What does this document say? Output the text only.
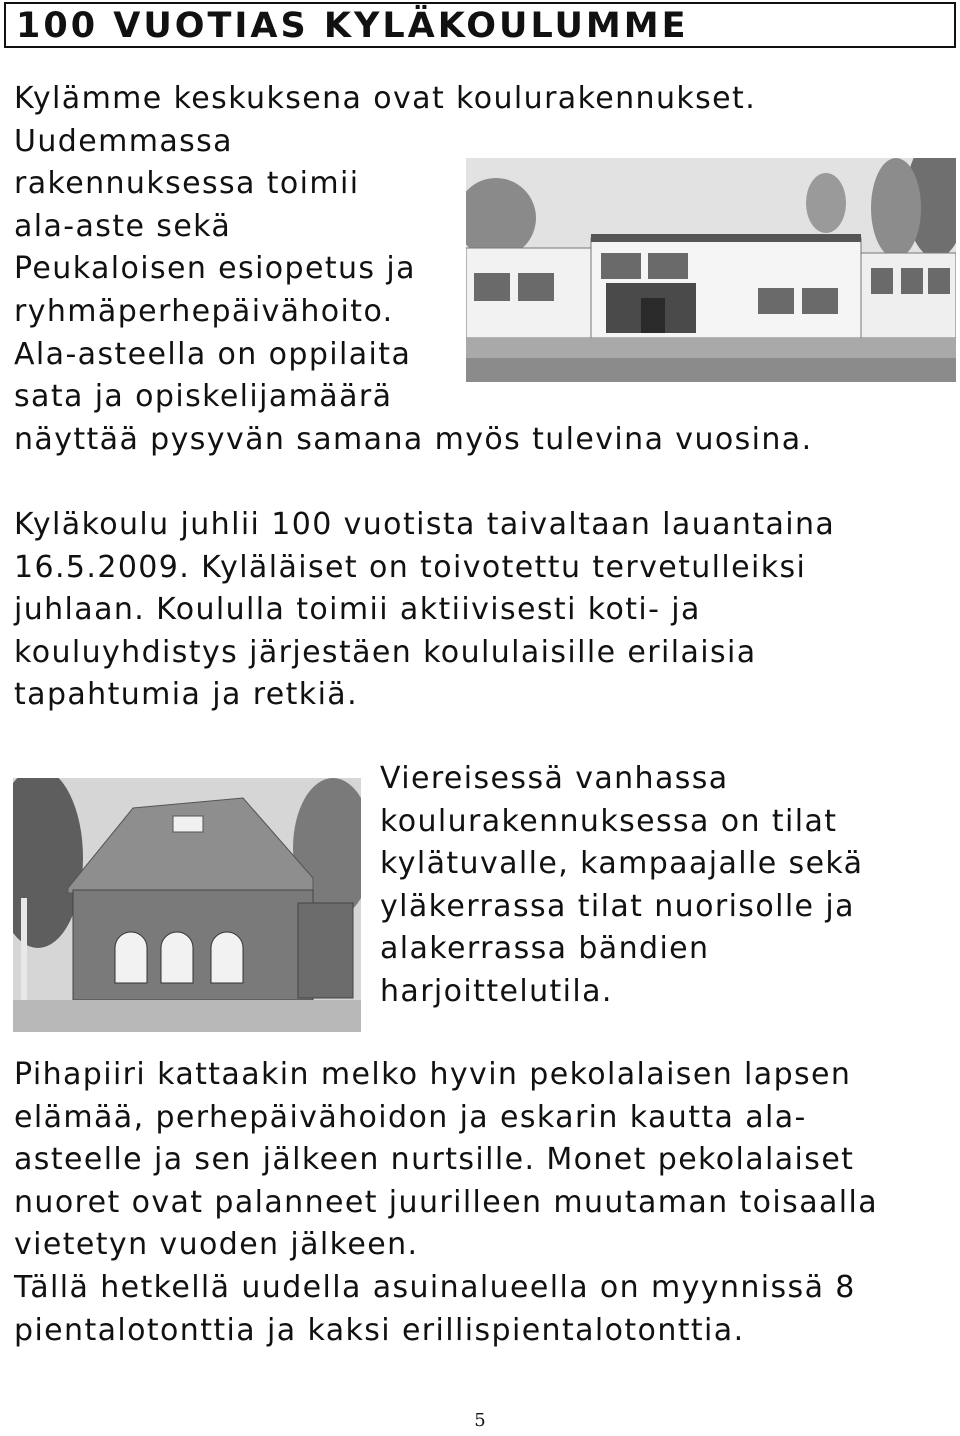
100 VUOTIAS KYLÄKOULUMME
Kylämme keskuksena ovat koulurakennukset.
Uudemmassa
rakennuksessa toimii
ala-aste sekä
Peukaloisen esiopetus ja
ryhmäperhepäivähoito.
Ala-asteella on oppilaita
sata ja opiskelijamäärä
näyttää pysyvän samana myös tulevina vuosina.
Kyläkoulu juhlii 100 vuotista taivaltaan lauantaina
16.5.2009. Kyläläiset on toivotettu tervetulleiksi
juhlaan. Koululla toimii aktiivisesti koti- ja
kouluyhdistys järjestäen koululaisille erilaisia
tapahtumia ja retkiä.
Viereisessä vanhassa
koulurakennuksessa on tilat
kylätuvalle, kampaajalle sekä
yläkerrassa tilat nuorisolle ja
alakerrassa bändien
harjoittelutila.
Pihapiiri kattaakin melko hyvin pekolalaisen lapsen
elämää, perhepäivähoidon ja eskarin kautta ala-
asteelle ja sen jälkeen nurtsille. Monet pekolalaiset
nuoret ovat palanneet juurilleen muutaman toisaalla
vietetyn vuoden jälkeen.
Tällä hetkellä uudella asuinalueella on myynnissä 8
pientalotonttia ja kaksi erillispientalotonttia.
5
